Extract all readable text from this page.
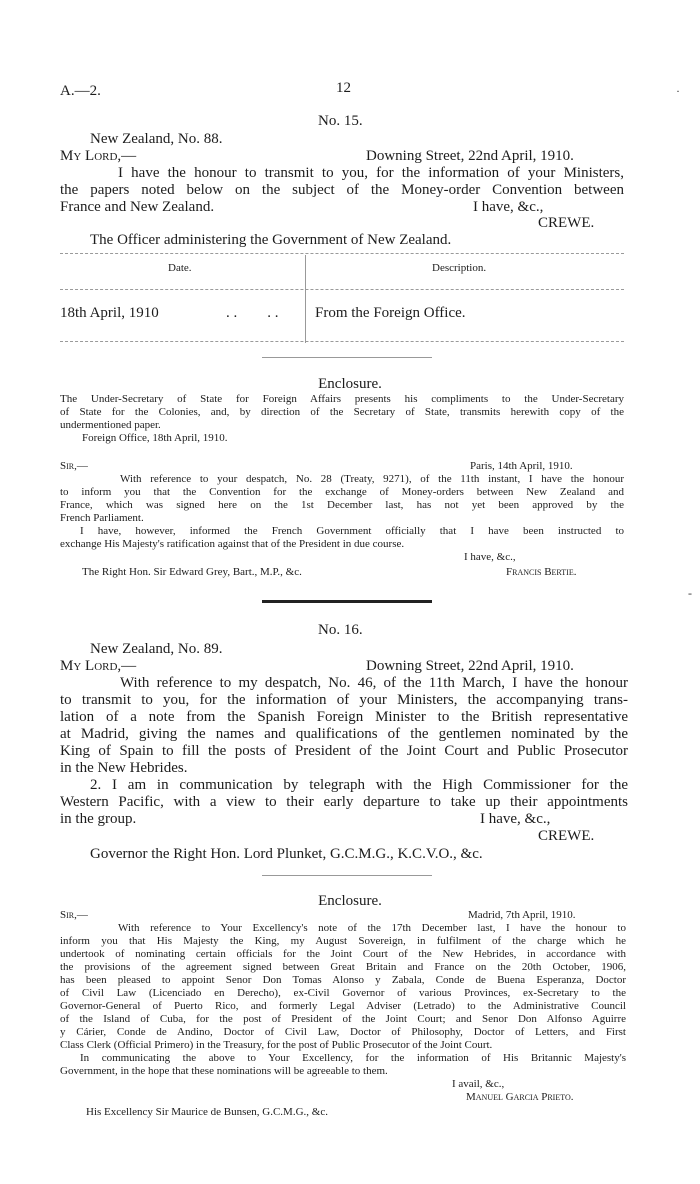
A.—2.	12	·
No. 15.
New Zealand, No. 88.
My Lord,—	Downing Street, 22nd April, 1910.
I have the honour to transmit to you, for the information of your Ministers,
the papers noted below on the subject of the Money-order Convention between
France and New Zealand.	I have, &c.,
CREWE.
The Officer administering the Government of New Zealand.
Date.	Description.
18th April, 1910	. .        . . From the Foreign Office.
Enclosure.
The Under-Secretary of State for Foreign Affairs presents his compliments to the Under-Secretary
of State for the Colonies, and, by direction of the Secretary of State, transmits herewith copy of the
undermentioned paper.
Foreign Office, 18th April, 1910.
Sir,—	Paris, 14th April, 1910.
With reference to your despatch, No. 28 (Treaty, 9271), of the 11th instant, I have the honour
to inform you that the Convention for the exchange of Money-orders between New Zealand and
France, which was signed here on the 1st December last, has not yet been approved by the
French Parliament.
I have, however, informed the French Government officially that I have been instructed to
exchange His Majesty's ratification against that of the President in due course.
I have, &c.,
The Right Hon. Sir Edward Grey, Bart., M.P., &c.	Francis Bertie.
-
No. 16.
New Zealand, No. 89.
My Lord,—	Downing Street, 22nd April, 1910.
With reference to my despatch, No. 46, of the 11th March, I have the honour
to transmit to you, for the information of your Ministers, the accompanying trans-
lation of a note from the Spanish Foreign Minister to the British representative
at Madrid, giving the names and qualifications of the gentlemen nominated by the
King of Spain to fill the posts of President of the Joint Court and Public Prosecutor
in the New Hebrides.
2. I am in communication by telegraph with the High Commissioner for the
Western Pacific, with a view to their early departure to take up their appointments
in the group.	I have, &c.,
CREWE.
Governor the Right Hon. Lord Plunket, G.C.M.G., K.C.V.O., &c.
Enclosure.
Sir,—	Madrid, 7th April, 1910.
With reference to Your Excellency's note of the 17th December last, I have the honour to
inform you that His Majesty the King, my August Sovereign, in fulfilment of the charge which he
undertook of nominating certain officials for the Joint Court of the New Hebrides, in accordance with
the provisions of the agreement signed between Great Britain and France on the 20th October, 1906,
has been pleased to appoint Senor Don Tomas Alonso y Zabala, Conde de Buena Esperanza, Doctor
of Civil Law (Licenciado en Derecho), ex-Civil Governor of various Provinces, ex-Secretary to the
Governor-General of Puerto Rico, and formerly Legal Adviser (Letrado) to the Administrative Council
of the Island of Cuba, for the post of President of the Joint Court; and Senor Don Alfonso Aguirre
y Cárier, Conde de Andino, Doctor of Civil Law, Doctor of Philosophy, Doctor of Letters, and First
Class Clerk (Official Primero) in the Treasury, for the post of Public Prosecutor of the Joint Court.
In communicating the above to Your Excellency, for the information of His Britannic Majesty's
Government, in the hope that these nominations will be agreeable to them.
I avail, &c.,
Manuel Garcia Prieto.
His Excellency Sir Maurice de Bunsen, G.C.M.G., &c.
